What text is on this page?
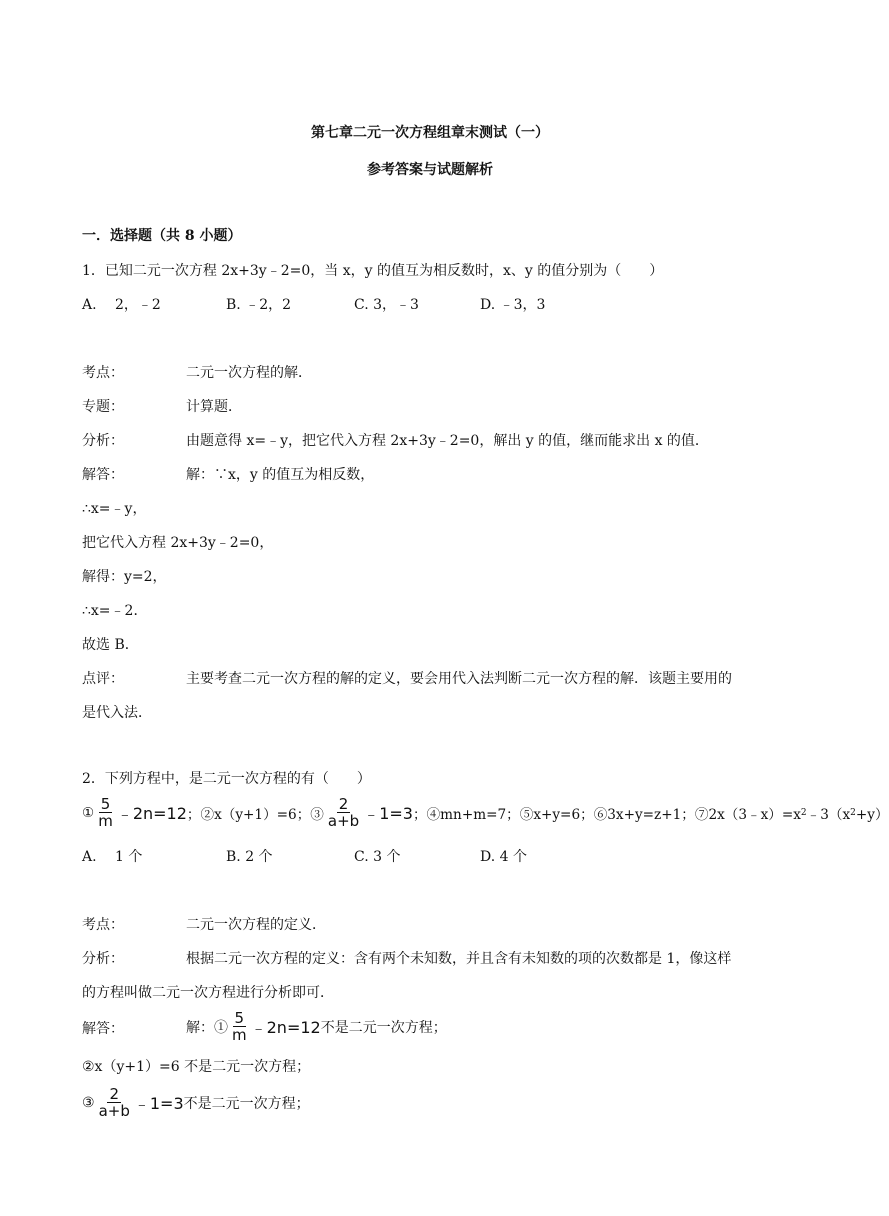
第七章二元一次方程组章末测试（一）
参考答案与试题解析
一．选择题（共 8 小题）
1．已知二元一次方程 2x+3y﹣2=0，当 x，y 的值互为相反数时，x、y 的值分别为（　　）
A.　 2，﹣2	B. ﹣2，2	C. 3，﹣3	D. ﹣3，3
考点：	二元一次方程的解．
专题：	计算题．
分析：	由题意得 x=﹣y，把它代入方程 2x+3y﹣2=0，解出 y 的值，继而能求出 x 的值．
解答：	解：∵x，y 的值互为相反数，
∴x=﹣y，
把它代入方程 2x+3y﹣2=0，
解得：y=2，
∴x=﹣2．
故选 B．
点评：	主要考查二元一次方程的解的定义，要会用代入法判断二元一次方程的解．该题主要用的
是代入法．
2．下列方程中，是二元一次方程的有（　　）
① $\frac{5}{m}$ ﹣2n=12 ；②x（y+1）=6；③ $\frac{2}{a+b}$ ﹣1=3 ；④mn+m=7；⑤x+y=6；⑥3x+y=z+1；⑦2x（3﹣x）=x 2 ﹣3（x 2 +y）
A.　 1 个	B. 2 个	C. 3 个	D. 4 个
考点：	二元一次方程的定义．
分析：	根据二元一次方程的定义：含有两个未知数，并且含有未知数的项的次数都是 1，像这样
的方程叫做二元一次方程进行分析即可．
解答：	解：① $\frac{5}{m}$ ﹣2n=12 不是二元一次方程；
②x（y+1）=6 不是二元一次方程；
③ $\frac{2}{a+b}$ ﹣1=3 不是二元一次方程；
